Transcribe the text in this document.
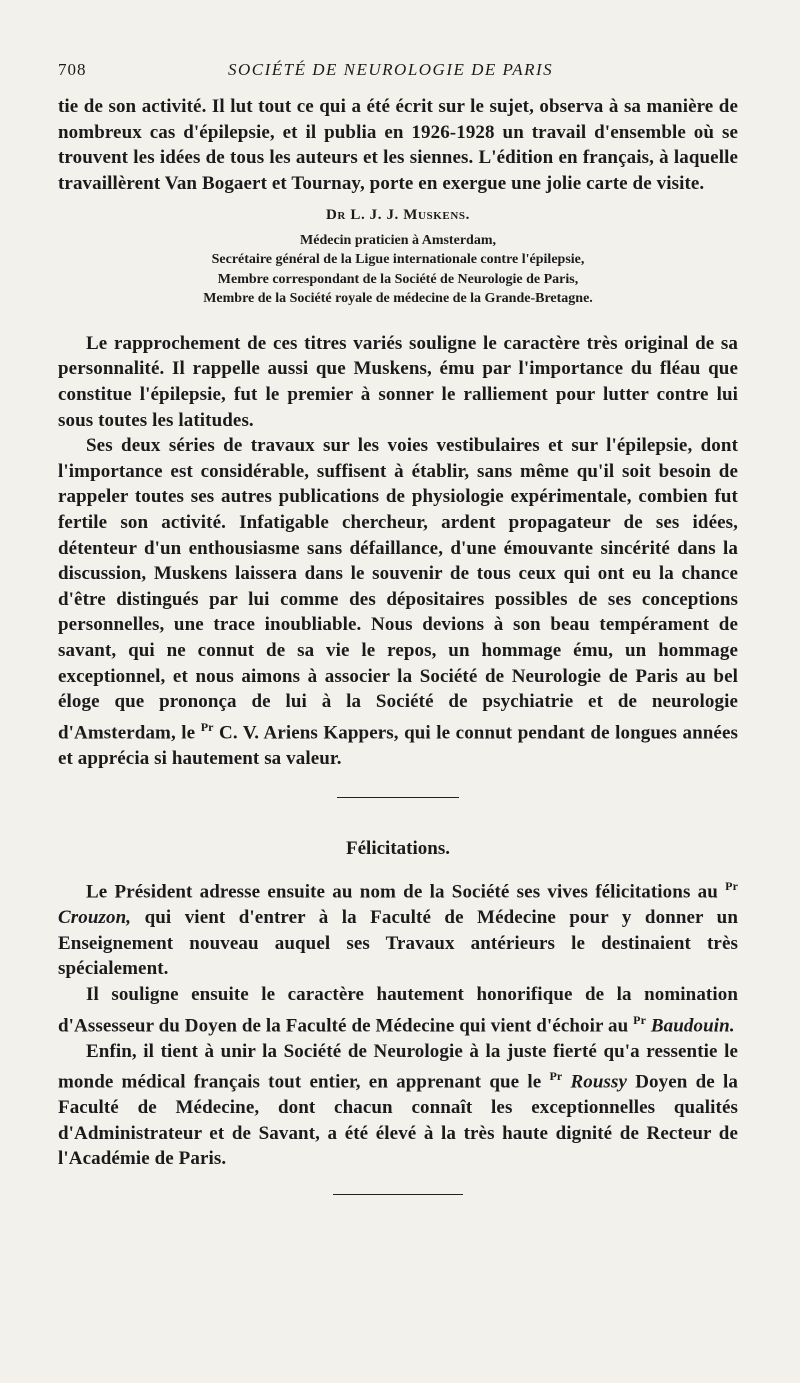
708	SOCIÉTÉ DE NEUROLOGIE DE PARIS

tie de son activité. Il lut tout ce qui a été écrit sur le sujet, observa à sa manière de nombreux cas d'épilepsie, et il publia en 1926-1928 un travail d'ensemble où se trouvent les idées de tous les auteurs et les siennes. L'édition en français, à laquelle travaillèrent Van Bogaert et Tournay, porte en exergue une jolie carte de visite.

Dr L. J. J. Muskens.
Médecin praticien à Amsterdam,
Secrétaire général de la Ligue internationale contre l'épilepsie,
Membre correspondant de la Société de Neurologie de Paris,
Membre de la Société royale de médecine de la Grande-Bretagne.

Le rapprochement de ces titres variés souligne le caractère très original de sa personnalité. Il rappelle aussi que Muskens, ému par l'importance du fléau que constitue l'épilepsie, fut le premier à sonner le ralliement pour lutter contre lui sous toutes les latitudes.

Ses deux séries de travaux sur les voies vestibulaires et sur l'épilepsie, dont l'importance est considérable, suffisent à établir, sans même qu'il soit besoin de rappeler toutes ses autres publications de physiologie expérimentale, combien fut fertile son activité. Infatigable chercheur, ardent propagateur de ses idées, détenteur d'un enthousiasme sans défaillance, d'une émouvante sincérité dans la discussion, Muskens laissera dans le souvenir de tous ceux qui ont eu la chance d'être distingués par lui comme des dépositaires possibles de ses conceptions personnelles, une trace inoubliable. Nous devions à son beau tempérament de savant, qui ne connut de sa vie le repos, un hommage ému, un hommage exceptionnel, et nous aimons à associer la Société de Neurologie de Paris au bel éloge que prononça de lui à la Société de psychiatrie et de neurologie d'Amsterdam, le $^{Pr}$ C. V. Ariens Kappers, qui le connut pendant de longues années et apprécia si hautement sa valeur.

Félicitations.

Le Président adresse ensuite au nom de la Société ses vives félicitations au $^{Pr}$ Crouzon, qui vient d'entrer à la Faculté de Médecine pour y donner un Enseignement nouveau auquel ses Travaux antérieurs le destinaient très spécialement.

Il souligne ensuite le caractère hautement honorifique de la nomination d'Assesseur du Doyen de la Faculté de Médecine qui vient d'échoir au $^{Pr}$ Baudouin.

Enfin, il tient à unir la Société de Neurologie à la juste fierté qu'a ressentie le monde médical français tout entier, en apprenant que le $^{Pr}$ Roussy Doyen de la Faculté de Médecine, dont chacun connaît les exceptionnelles qualités d'Administrateur et de Savant, a été élevé à la très haute dignité de Recteur de l'Académie de Paris.
